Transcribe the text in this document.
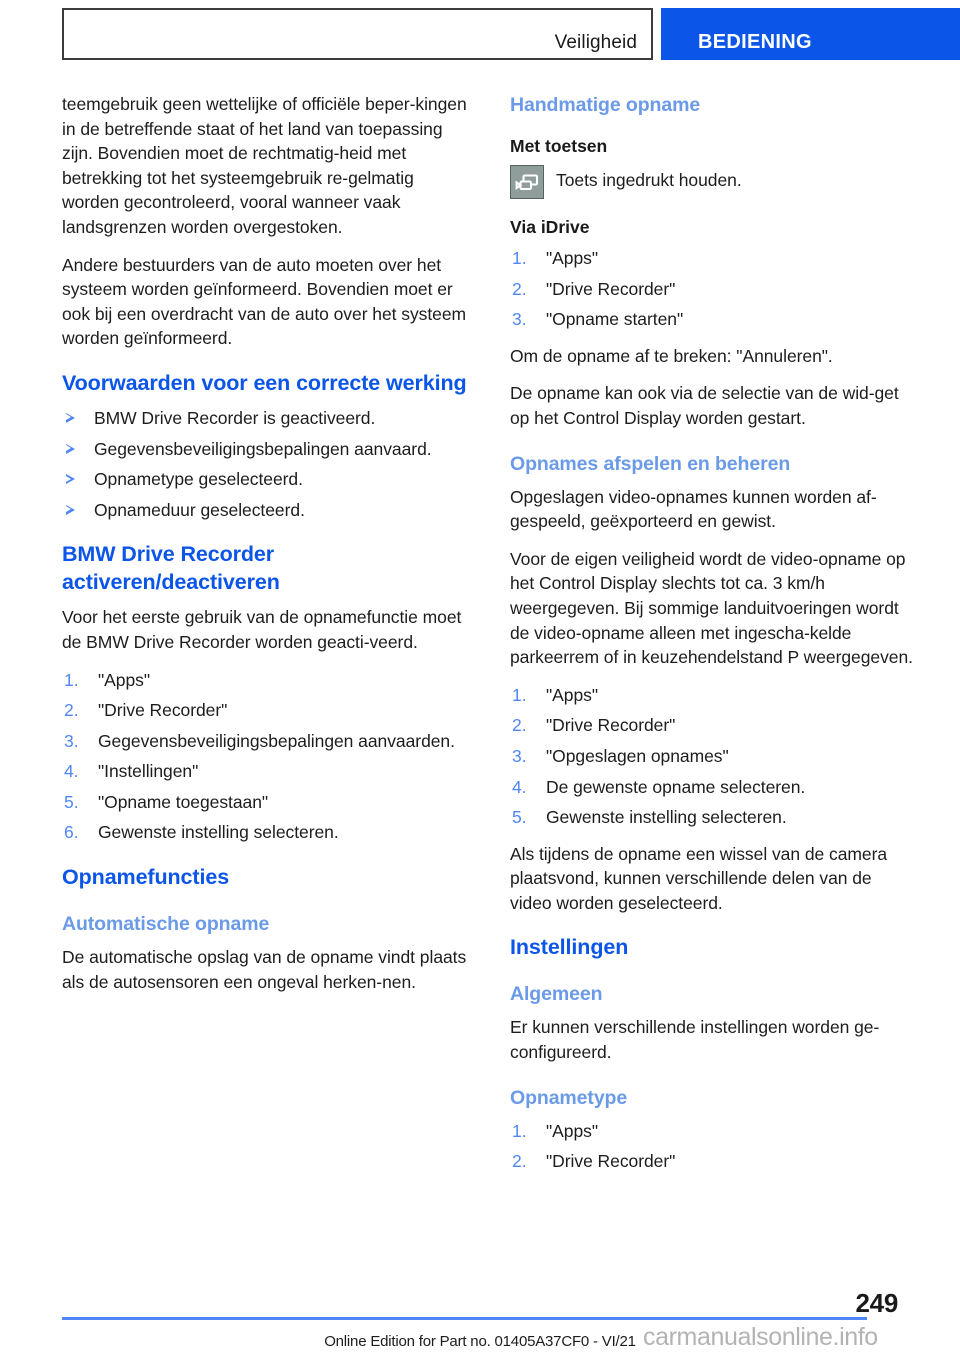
Veiligheid	BEDIENING

teemgebruik geen wettelijke of officiële beper-kingen in de betreffende staat of het land van toepassing zijn. Bovendien moet de rechtmatig-heid met betrekking tot het systeemgebruik re-gelmatig worden gecontroleerd, vooral wanneer vaak landsgrenzen worden overgestoken.

Andere bestuurders van de auto moeten over het systeem worden geïnformeerd. Bovendien moet er ook bij een overdracht van de auto over het systeem worden geïnformeerd.

Voorwaarden voor een correcte werking
BMW Drive Recorder is geactiveerd.
Gegevensbeveiligingsbepalingen aanvaard.
Opnametype geselecteerd.
Opnameduur geselecteerd.
BMW Drive Recorder activeren/deactiveren

Voor het eerste gebruik van de opnamefunctie moet de BMW Drive Recorder worden geacti-veerd.

"Apps"
"Drive Recorder"
Gegevensbeveiligingsbepalingen aanvaarden.
"Instellingen"
"Opname toegestaan"
Gewenste instelling selecteren.
Opnamefuncties
Automatische opname

De automatische opslag van de opname vindt plaats als de autosensoren een ongeval herken-nen.

Handmatige opname
Met toetsen
Toets ingedrukt houden.
Via iDrive
"Apps"
"Drive Recorder"
"Opname starten"

Om de opname af te breken: "Annuleren".

De opname kan ook via de selectie van de wid-get op het Control Display worden gestart.

Opnames afspelen en beheren

Opgeslagen video-opnames kunnen worden af-gespeeld, geëxporteerd en gewist.

Voor de eigen veiligheid wordt de video-opname op het Control Display slechts tot ca. 3 km/h weergegeven. Bij sommige landuitvoeringen wordt de video-opname alleen met ingescha-kelde parkeerrem of in keuzehendelstand P weergegeven.

"Apps"
"Drive Recorder"
"Opgeslagen opnames"
De gewenste opname selecteren.
Gewenste instelling selecteren.

Als tijdens de opname een wissel van de camera plaatsvond, kunnen verschillende delen van de video worden geselecteerd.

Instellingen
Algemeen

Er kunnen verschillende instellingen worden ge-configureerd.

Opnametype
"Apps"
"Drive Recorder"
249
Online Edition for Part no. 01405A37CF0 - VI/21 carmanualsonline.info
